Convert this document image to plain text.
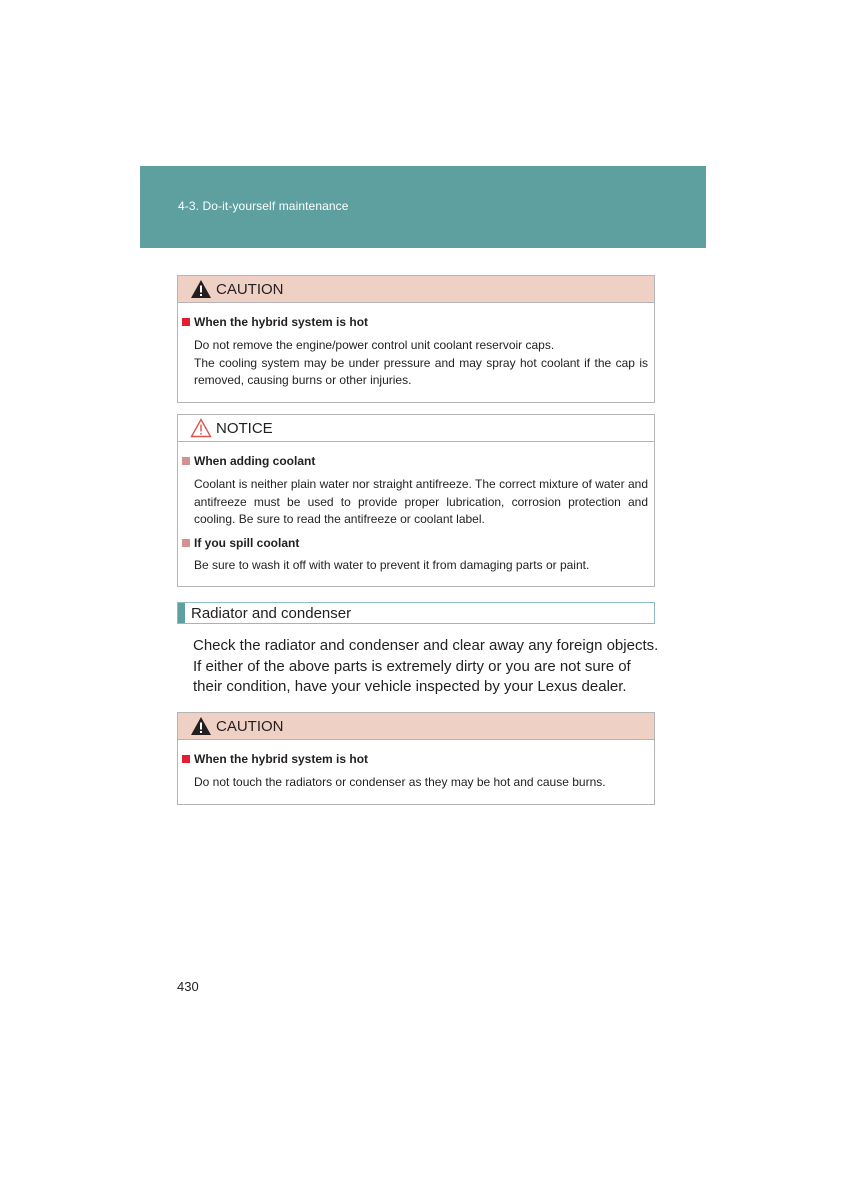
4-3. Do-it-yourself maintenance
CAUTION
When the hybrid system is hot
Do not remove the engine/power control unit coolant reservoir caps.
The cooling system may be under pressure and may spray hot coolant if the cap is removed, causing burns or other injuries.
NOTICE
When adding coolant
Coolant is neither plain water nor straight antifreeze. The correct mixture of water and antifreeze must be used to provide proper lubrication, corrosion protection and cooling. Be sure to read the antifreeze or coolant label.
If you spill coolant
Be sure to wash it off with water to prevent it from damaging parts or paint.
Radiator and condenser
Check the radiator and condenser and clear away any foreign objects.
If either of the above parts is extremely dirty or you are not sure of their condition, have your vehicle inspected by your Lexus dealer.
CAUTION
When the hybrid system is hot
Do not touch the radiators or condenser as they may be hot and cause burns.
430
